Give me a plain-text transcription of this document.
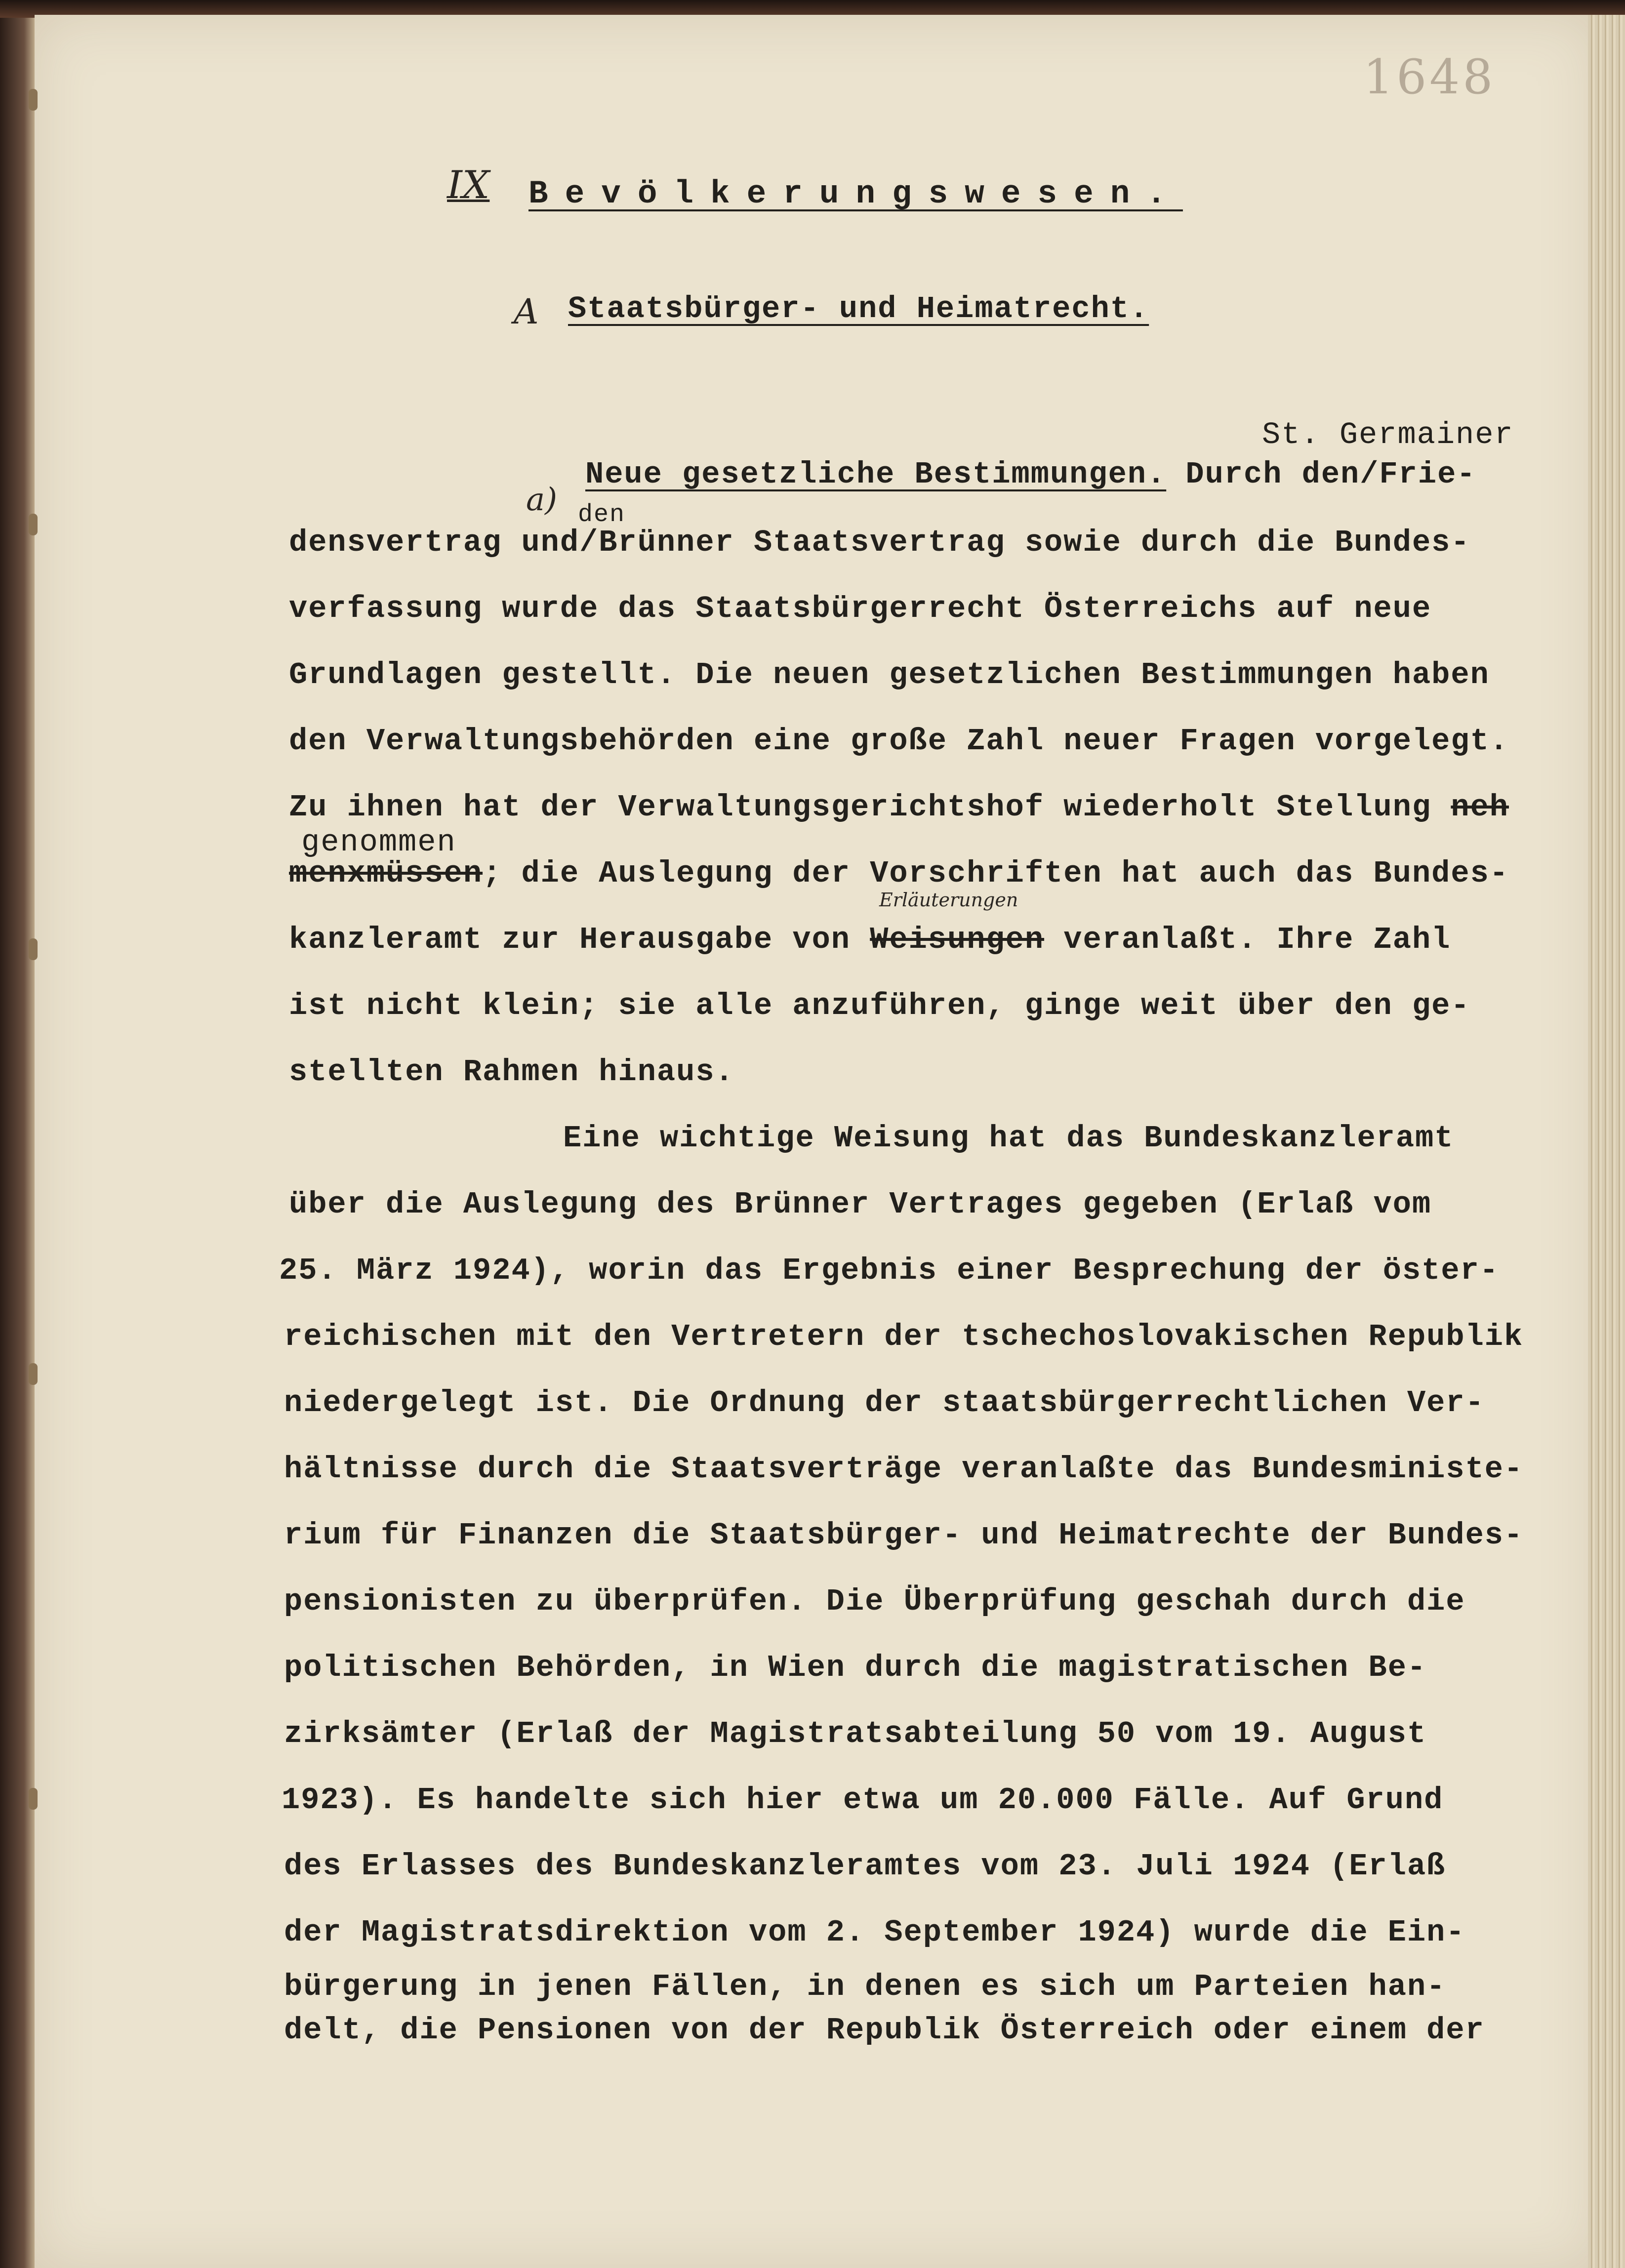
1648
IX Bevölkerungswesen.
A Staatsbürger- und Heimatrecht.
St. Germainer
a)
Neue gesetzliche Bestimmungen. Durch den/Frie-
den
densvertrag und/Brünner Staatsvertrag sowie durch die Bundes-
verfassung wurde das Staatsbürgerrecht Österreichs auf neue
Grundlagen gestellt. Die neuen gesetzlichen Bestimmungen haben
den Verwaltungsbehörden eine große Zahl neuer Fragen vorgelegt.
Zu ihnen hat der Verwaltungsgerichtshof wiederholt Stellung neh
genommen
menxmüssen; die Auslegung der Vorschriften hat auch das Bundes-
Erläuterungen
kanzleramt zur Herausgabe von Weisungen veranlaßt. Ihre Zahl
ist nicht klein; sie alle anzuführen, ginge weit über den ge-
stellten Rahmen hinaus.
Eine wichtige Weisung hat das Bundeskanzleramt
über die Auslegung des Brünner Vertrages gegeben (Erlaß vom
25. März 1924), worin das Ergebnis einer Besprechung der öster-
reichischen mit den Vertretern der tschechoslovakischen Republik
niedergelegt ist. Die Ordnung der staatsbürgerrechtlichen Ver-
hältnisse durch die Staatsverträge veranlaßte das Bundesministe-
rium für Finanzen die Staatsbürger- und Heimatrechte der Bundes-
pensionisten zu überprüfen. Die Überprüfung geschah durch die
politischen Behörden, in Wien durch die magistratischen Be-
zirksämter (Erlaß der Magistratsabteilung 50 vom 19. August
1923). Es handelte sich hier etwa um 20.000 Fälle. Auf Grund
des Erlasses des Bundeskanzleramtes vom 23. Juli 1924 (Erlaß
der Magistratsdirektion vom 2. September 1924) wurde die Ein-
bürgerung in jenen Fällen, in denen es sich um Parteien han-
delt, die Pensionen von der Republik Österreich oder einem der
